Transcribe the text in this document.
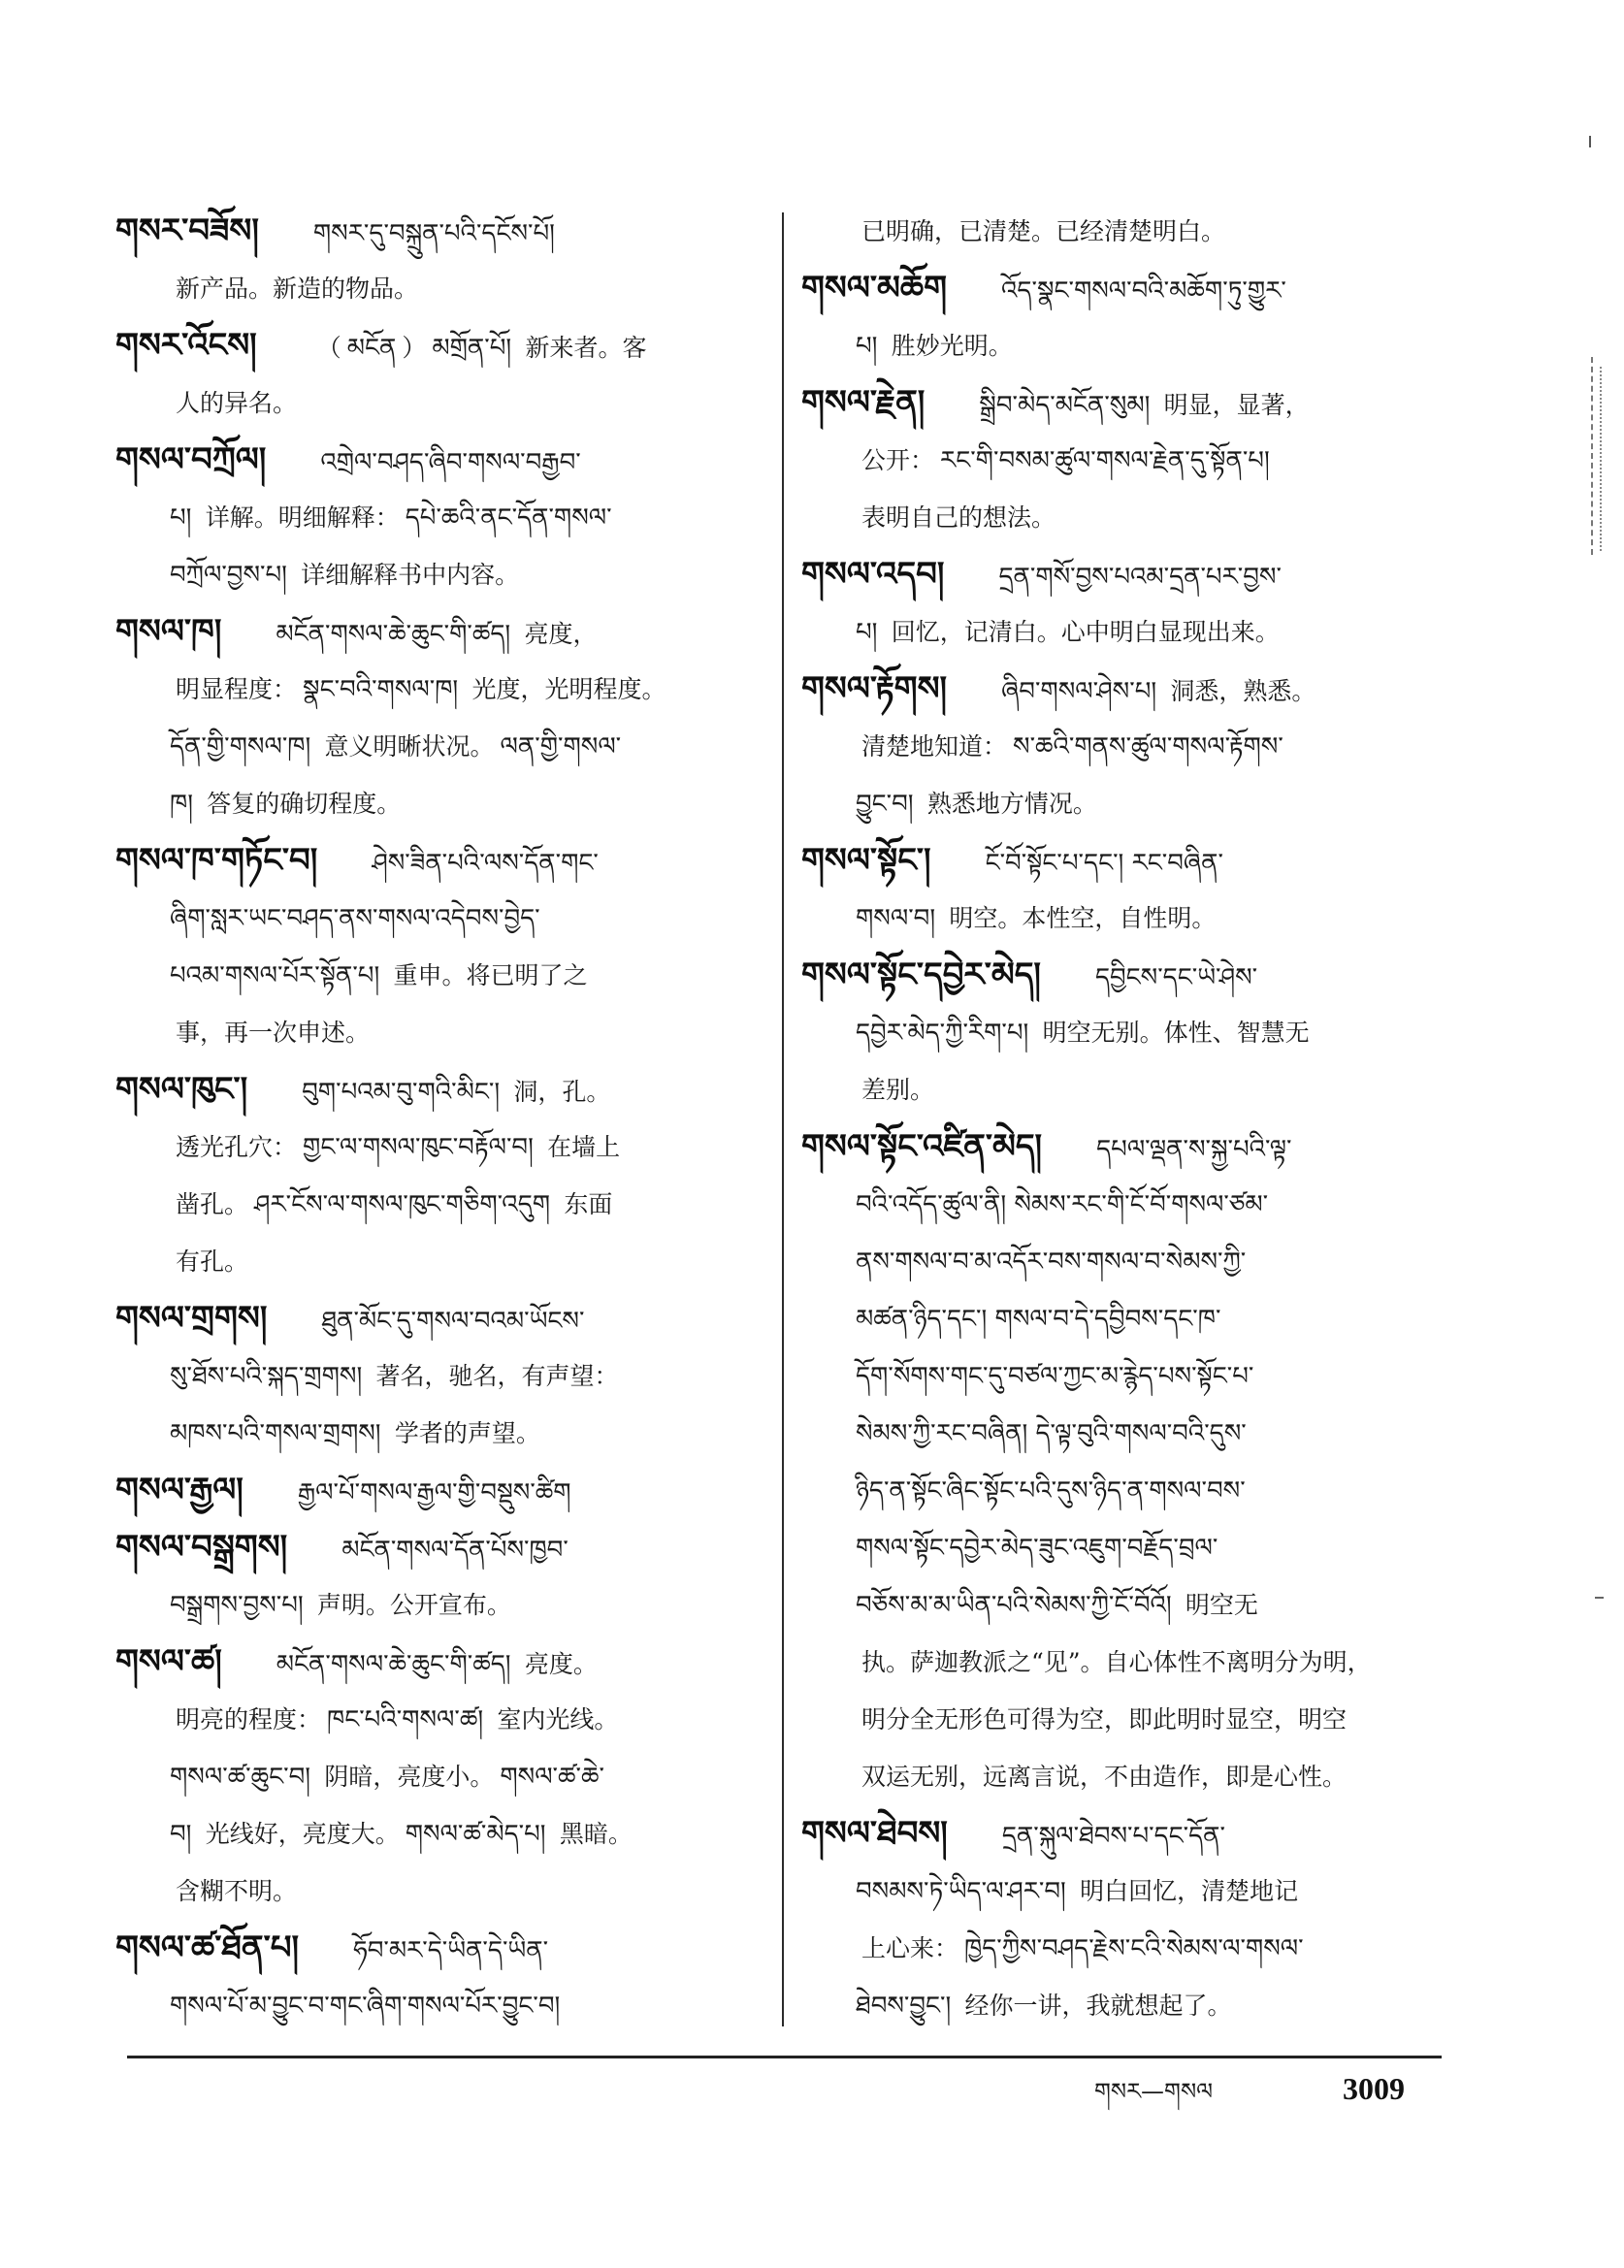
གསར་བཟོས། གསར་དུ་བསྐྲུན་པའི་དངོས་པོ།
新产品。新造的物品。
གསར་འོངས། （ མངོན ） མགྲོན་པོ། 新来者。客
人的异名。
གསལ་བཀྲོལ། འགྲེལ་བཤད་ཞིབ་གསལ་བརྒྱབ་
པ། 详解。明细解释： དཔེ་ཆའི་ནང་དོན་གསལ་
བཀྲོལ་བྱས་པ། 详细解释书中内容。
གསལ་ཁ། མངོན་གསལ་ཆེ་ཆུང་གི་ཚད། 亮度，
明显程度： སྣང་བའི་གསལ་ཁ། 光度，光明程度。
དོན་གྱི་གསལ་ཁ། 意义明晰状况。 ལན་གྱི་གསལ་
ཁ། 答复的确切程度。
གསལ་ཁ་གཏོང་བ། ཤེས་ཟིན་པའི་ལས་དོན་གང་
ཞིག་སླར་ཡང་བཤད་ནས་གསལ་འདེབས་བྱེད་
པའམ་གསལ་པོར་སྟོན་པ། 重申。将已明了之
事，再一次申述。
གསལ་ཁུང་། བུག་པའམ་བུ་གའི་མིང་། 洞，孔。
透光孔穴： གྱང་ལ་གསལ་ཁུང་བརྟོལ་བ། 在墙上
凿孔。 ཤར་ངོས་ལ་གསལ་ཁུང་གཅིག་འདུག 东面
有孔。
གསལ་གྲགས། ཐུན་མོང་དུ་གསལ་བའམ་ཡོངས་
སུ་ཐོས་པའི་སྐད་གྲགས། 著名，驰名，有声望：
མཁས་པའི་གསལ་གྲགས། 学者的声望。
གསལ་རྒྱལ། རྒྱལ་པོ་གསལ་རྒྱལ་གྱི་བསྡུས་ཚིག
གསལ་བསྒྲགས། མངོན་གསལ་དོན་པོས་ཁྱབ་
བསྒྲགས་བྱས་པ། 声明。公开宣布。
གསལ་ཚ། མངོན་གསལ་ཆེ་ཆུང་གི་ཚད། 亮度。
明亮的程度： ཁང་པའི་གསལ་ཚ། 室内光线。
གསལ་ཚ་ཆུང་བ། 阴暗，亮度小。 གསལ་ཚ་ཆེ་
བ། 光线好，亮度大。 གསལ་ཚ་མེད་པ། 黑暗。
含糊不明。
གསལ་ཚ་ཐོན་པ། ཧོབ་མར་དེ་ཡིན་དེ་ཡིན་
གསལ་པོ་མ་བྱུང་བ་གང་ཞིག་གསལ་པོར་བྱུང་བ།
已明确，已清楚。已经清楚明白。
གསལ་མཆོག འོད་སྣང་གསལ་བའི་མཆོག་ཏུ་གྱུར་
པ། 胜妙光明。
གསལ་རྗེན། སྒྲིབ་མེད་མངོན་སུམ། 明显，显著，
公开： རང་གི་བསམ་ཚུལ་གསལ་རྗེན་དུ་སྟོན་པ།
表明自己的想法。
གསལ་འདབ། དྲན་གསོ་བྱས་པའམ་དྲན་པར་བྱས་
པ། 回忆，记清白。心中明白显现出来。
གསལ་རྟོགས། ཞིབ་གསལ་ཤེས་པ། 洞悉，熟悉。
清楚地知道： ས་ཆའི་གནས་ཚུལ་གསལ་རྟོགས་
བྱུང་བ། 熟悉地方情况。
གསལ་སྟོང་། ངོ་བོ་སྟོང་པ་དང་། རང་བཞིན་
གསལ་བ། 明空。本性空，自性明。
གསལ་སྟོང་དབྱེར་མེད། དབྱིངས་དང་ཡེ་ཤེས་
དབྱེར་མེད་ཀྱི་རིག་པ། 明空无别。体性、智慧无
差别。
གསལ་སྟོང་འཛིན་མེད། དཔལ་ལྡན་ས་སྐྱ་པའི་ལྟ་
བའི་འདོད་ཚུལ་ནི། སེམས་རང་གི་ངོ་བོ་གསལ་ཙམ་
ནས་གསལ་བ་མ་འདོར་བས་གསལ་བ་སེམས་ཀྱི་
མཚན་ཉིད་དང་། གསལ་བ་དེ་དབྱིབས་དང་ཁ་
དོག་སོགས་གང་དུ་བཙལ་ཀྱང་མ་རྙེད་པས་སྟོང་པ་
སེམས་ཀྱི་རང་བཞིན། དེ་ལྟ་བུའི་གསལ་བའི་དུས་
ཉིད་ན་སྟོང་ཞིང་སྟོང་པའི་དུས་ཉིད་ན་གསལ་བས་
གསལ་སྟོང་དབྱེར་མེད་ཟུང་འཇུག་བརྗོད་བྲལ་
བཅོས་མ་མ་ཡིན་པའི་སེམས་ཀྱི་ངོ་བོའོ། 明空无
执。萨迦教派之“见”。自心体性不离明分为明，
明分全无形色可得为空，即此明时显空，明空
双运无别，远离言说，不由造作，即是心性。
གསལ་ཐེབས། དྲན་སྐུལ་ཐེབས་པ་དང་དོན་
བསམས་ཏེ་ཡིད་ལ་ཤར་བ། 明白回忆，清楚地记
上心来： ཁྱེད་ཀྱིས་བཤད་རྗེས་ངའི་སེམས་ལ་གསལ་
ཐེབས་བྱུང་། 经你一讲，我就想起了。
གསར—གསལ	3009
